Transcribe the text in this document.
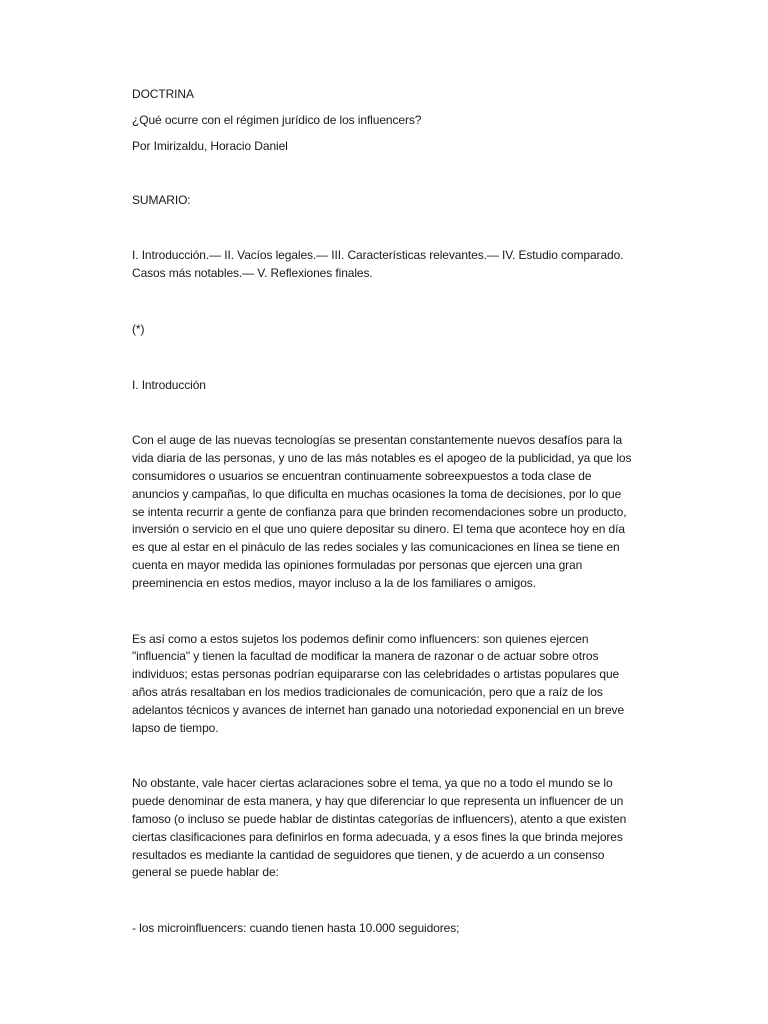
DOCTRINA

¿Qué ocurre con el régimen jurídico de los influencers?

Por Imirizaldu, Horacio Daniel

SUMARIO:

I. Introducción.— II. Vacíos legales.— III. Características relevantes.— IV. Estudio comparado.
Casos más notables.— V. Reflexiones finales.

(*)

I. Introducción

Con el auge de las nuevas tecnologías se presentan constantemente nuevos desafíos para la
vida diaria de las personas, y uno de las más notables es el apogeo de la publicidad, ya que los
consumidores o usuarios se encuentran continuamente sobreexpuestos a toda clase de
anuncios y campañas, lo que dificulta en muchas ocasiones la toma de decisiones, por lo que
se intenta recurrir a gente de confianza para que brinden recomendaciones sobre un producto,
inversión o servicio en el que uno quiere depositar su dinero. El tema que acontece hoy en día
es que al estar en el pináculo de las redes sociales y las comunicaciones en línea se tiene en
cuenta en mayor medida las opiniones formuladas por personas que ejercen una gran
preeminencia en estos medios, mayor incluso a la de los familiares o amigos.

Es así como a estos sujetos los podemos definir como influencers: son quienes ejercen
"influencia" y tienen la facultad de modificar la manera de razonar o de actuar sobre otros
individuos; estas personas podrían equipararse con las celebridades o artistas populares que
años atrás resaltaban en los medios tradicionales de comunicación, pero que a raíz de los
adelantos técnicos y avances de internet han ganado una notoriedad exponencial en un breve
lapso de tiempo.

No obstante, vale hacer ciertas aclaraciones sobre el tema, ya que no a todo el mundo se lo
puede denominar de esta manera, y hay que diferenciar lo que representa un influencer de un
famoso (o incluso se puede hablar de distintas categorías de influencers), atento a que existen
ciertas clasificaciones para definirlos en forma adecuada, y a esos fines la que brinda mejores
resultados es mediante la cantidad de seguidores que tienen, y de acuerdo a un consenso
general se puede hablar de:

- los microinfluencers: cuando tienen hasta 10.000 seguidores;
